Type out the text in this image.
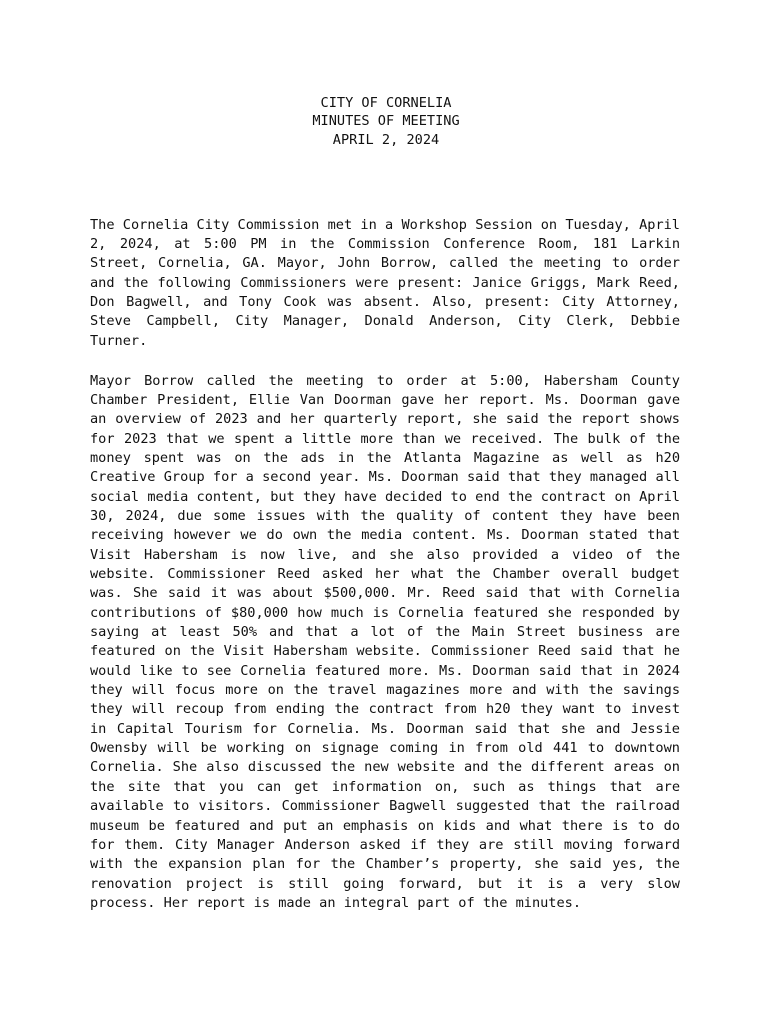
CITY OF CORNELIA
MINUTES OF MEETING
APRIL 2, 2024

The Cornelia City Commission met in a Workshop Session on Tuesday, April 2, 2024, at 5:00 PM in the Commission Conference Room, 181 Larkin Street, Cornelia, GA. Mayor, John Borrow, called the meeting to order and the following Commissioners were present: Janice Griggs, Mark Reed, Don Bagwell, and Tony Cook was absent. Also, present: City Attorney, Steve Campbell, City Manager, Donald Anderson, City Clerk, Debbie Turner.

Mayor Borrow called the meeting to order at 5:00, Habersham County Chamber President, Ellie Van Doorman gave her report. Ms. Doorman gave an overview of 2023 and her quarterly report, she said the report shows for 2023 that we spent a little more than we received. The bulk of the money spent was on the ads in the Atlanta Magazine as well as h20 Creative Group for a second year. Ms. Doorman said that they managed all social media content, but they have decided to end the contract on April 30, 2024, due some issues with the quality of content they have been receiving however we do own the media content. Ms. Doorman stated that Visit Habersham is now live, and she also provided a video of the website. Commissioner Reed asked her what the Chamber overall budget was. She said it was about $500,000. Mr. Reed said that with Cornelia contributions of $80,000 how much is Cornelia featured she responded by saying at least 50% and that a lot of the Main Street business are featured on the Visit Habersham website. Commissioner Reed said that he would like to see Cornelia featured more. Ms. Doorman said that in 2024 they will focus more on the travel magazines more and with the savings they will recoup from ending the contract from h20 they want to invest in Capital Tourism for Cornelia. Ms. Doorman said that she and Jessie Owensby will be working on signage coming in from old 441 to downtown Cornelia. She also discussed the new website and the different areas on the site that you can get information on, such as things that are available to visitors. Commissioner Bagwell suggested that the railroad museum be featured and put an emphasis on kids and what there is to do for them. City Manager Anderson asked if they are still moving forward with the expansion plan for the Chamber’s property, she said yes, the renovation project is still going forward, but it is a very slow process. Her report is made an integral part of the minutes.
